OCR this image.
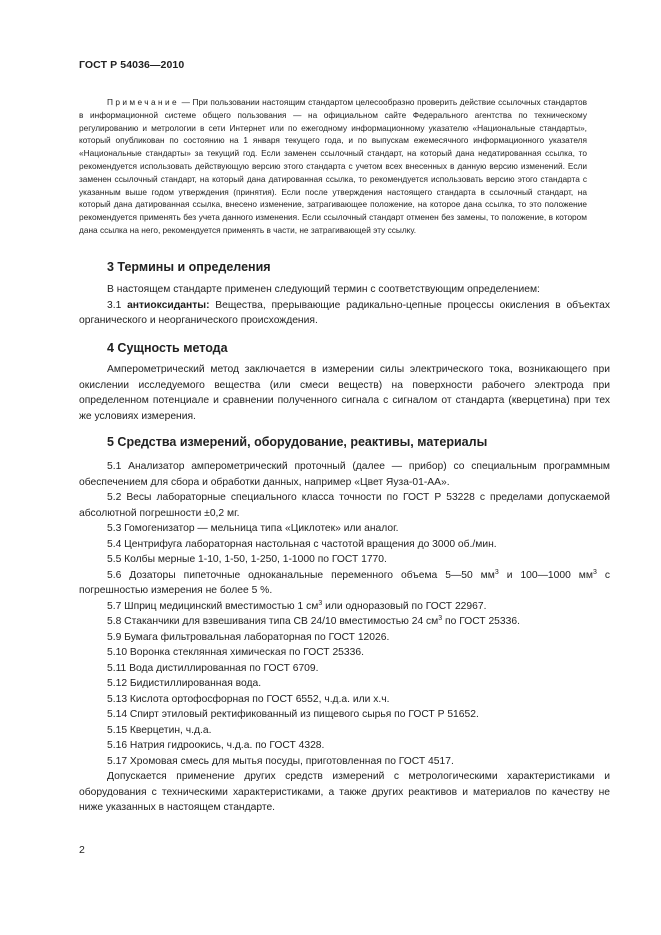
ГОСТ Р 54036—2010

Примечание — При пользовании настоящим стандартом целесообразно проверить действие ссылочных стандартов в информационной системе общего пользования — на официальном сайте Федерального агентства по техническому регулированию и метрологии в сети Интернет или по ежегодному информационному указателю «Национальные стандарты», который опубликован по состоянию на 1 января текущего года, и по выпускам ежемесячного информационного указателя «Национальные стандарты» за текущий год. Если заменен ссылочный стандарт, на который дана недатированная ссылка, то рекомендуется использовать действующую версию этого стандарта с учетом всех внесенных в данную версию изменений. Если заменен ссылочный стандарт, на который дана датированная ссылка, то рекомендуется использовать версию этого стандарта с указанным выше годом утверждения (принятия). Если после утверждения настоящего стандарта в ссылочный стандарт, на который дана датированная ссылка, внесено изменение, затрагивающее положение, на которое дана ссылка, то это положение рекомендуется применять без учета данного изменения. Если ссылочный стандарт отменен без замены, то положение, в котором дана ссылка на него, рекомендуется применять в части, не затрагивающей эту ссылку.

3 Термины и определения

В настоящем стандарте применен следующий термин с соответствующим определением:

3.1 антиоксиданты: Вещества, прерывающие радикально-цепные процессы окисления в объектах органического и неорганического происхождения.

4 Сущность метода

Амперометрический метод заключается в измерении силы электрического тока, возникающего при окислении исследуемого вещества (или смеси веществ) на поверхности рабочего электрода при определенном потенциале и сравнении полученного сигнала с сигналом от стандарта (кверцетина) при тех же условиях измерения.

5 Средства измерений, оборудование, реактивы, материалы

5.1 Анализатор амперометрический проточный (далее — прибор) со специальным программным обеспечением для сбора и обработки данных, например «Цвет Яуза-01-АА».

5.2 Весы лабораторные специального класса точности по ГОСТ Р 53228 с пределами допускаемой абсолютной погрешности ±0,2 мг.

5.3 Гомогенизатор — мельница типа «Циклотек» или аналог.

5.4 Центрифуга лабораторная настольная с частотой вращения до 3000 об./мин.

5.5 Колбы мерные 1-10, 1-50, 1-250, 1-1000 по ГОСТ 1770.

5.6 Дозаторы пипеточные одноканальные переменного объема 5—50 $мм^3$ и 100—1000 $мм^3$ с погрешностью измерения не более 5 %.

5.7 Шприц медицинский вместимостью 1 $см^3$ или одноразовый по ГОСТ 22967.

5.8 Стаканчики для взвешивания типа СВ 24/10 вместимостью 24 $см^3$ по ГОСТ 25336.

5.9 Бумага фильтровальная лабораторная по ГОСТ 12026.

5.10 Воронка стеклянная химическая по ГОСТ 25336.

5.11 Вода дистиллированная по ГОСТ 6709.

5.12 Бидистиллированная вода.

5.13 Кислота ортофосфорная по ГОСТ 6552, ч.д.а. или х.ч.

5.14 Спирт этиловый ректификованный из пищевого сырья по ГОСТ Р 51652.

5.15 Кверцетин, ч.д.а.

5.16 Натрия гидроокись, ч.д.а. по ГОСТ 4328.

5.17 Хромовая смесь для мытья посуды, приготовленная по ГОСТ 4517.

Допускается применение других средств измерений с метрологическими характеристиками и оборудования с техническими характеристиками, а также других реактивов и материалов по качеству не ниже указанных в настоящем стандарте.

2
